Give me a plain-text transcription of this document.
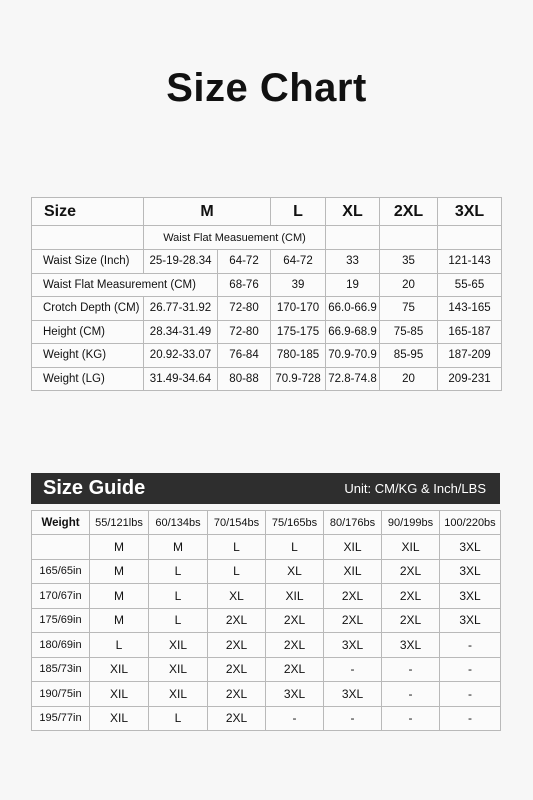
Size Chart
Size	M		L	XL	2XL	3XL
	Waist Flat Measuement (CM)					
Waist Size (Inch)	25-19-28.34	64-72	64-72	33	35	121-143
Waist Flat Measurement (CM)		68-76	39	19	20	55-65
Crotch Depth (CM)	26.77-31.92	72-80	170-170	66.0-66.9	75	143-165
Height (CM)	28.34-31.49	72-80	175-175	66.9-68.9	75-85	165-187
Weight (KG)	20.92-33.07	76-84	780-185	70.9-70.9	85-95	187-209
Weight (LG)	31.49-34.64	80-88	70.9-728	72.8-74.8	20	209-231
Size Guide	Unit: CM/KG & Inch/LBS
Weight	55/121lbs	60/134bs	70/154bs	75/165bs	80/176bs	90/199bs	100/220bs
	M	M	L	L	XIL	XIL	3XL
165/65in	M	L	L	XL	XIL	2XL	3XL
170/67in	M	L	XL	XIL	2XL	2XL	3XL
175/69in	M	L	2XL	2XL	2XL	2XL	3XL
180/69in	L	XIL	2XL	2XL	3XL	3XL	-
185/73in	XIL	XIL	2XL	2XL	-	-	-
190/75in	XIL	XIL	2XL	3XL	3XL	-	-
195/77in	XIL	L	2XL	-	-	-	-
